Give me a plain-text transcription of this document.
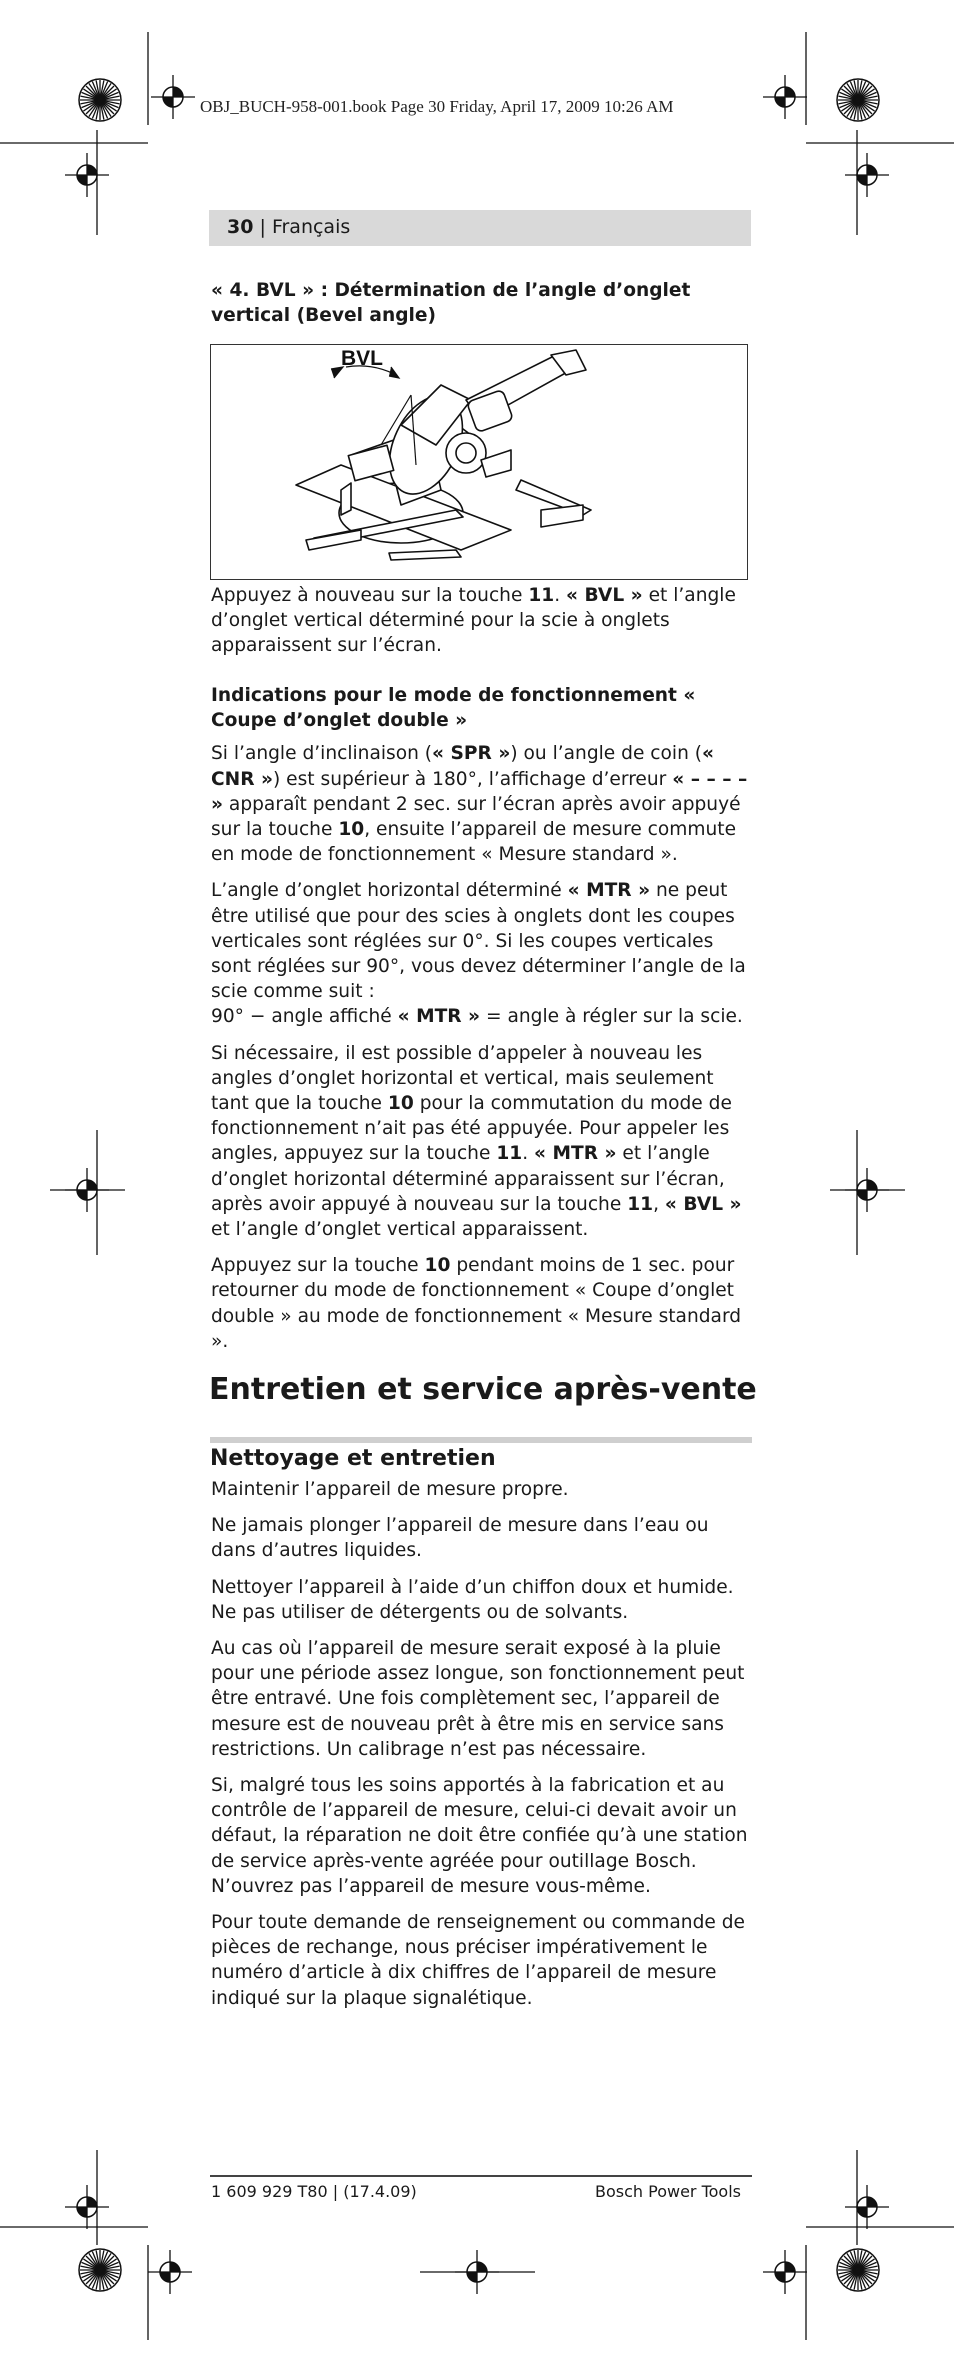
OBJ_BUCH-958-001.book Page 30 Friday, April 17, 2009 10:26 AM
30 | Français
« 4. BVL » : Détermination de l’angle d’onglet vertical (Bevel angle)
BVL

Appuyez à nouveau sur la touche 11. « BVL » et l’angle d’onglet vertical déterminé pour la scie à onglets apparaissent sur l’écran.

Indications pour le mode de fonctionnement « Coupe d’onglet double »

Si l’angle d’inclinaison (« SPR ») ou l’angle de coin (« CNR ») est supérieur à 180°, l’affichage d’erreur « – – – – » apparaît pendant 2 sec. sur l’écran après avoir appuyé sur la touche 10, ensuite l’appareil de mesure commute en mode de fonctionnement « Mesure standard ».

L’angle d’onglet horizontal déterminé « MTR » ne peut être utilisé que pour des scies à onglets dont les coupes verticales sont réglées sur 0°. Si les coupes verticales sont réglées sur 90°, vous devez déterminer l’angle de la scie comme suit :

90° − angle affiché « MTR » = angle à régler sur la scie.

Si nécessaire, il est possible d’appeler à nouveau les angles d’onglet horizontal et vertical, mais seulement tant que la touche 10 pour la commutation du mode de fonctionnement n’ait pas été appuyée. Pour appeler les angles, appuyez sur la touche 11. « MTR » et l’angle d’onglet horizontal déterminé apparaissent sur l’écran, après avoir appuyé à nouveau sur la touche 11, « BVL » et l’angle d’onglet vertical apparaissent.

Appuyez sur la touche 10 pendant moins de 1 sec. pour retourner du mode de fonctionnement « Coupe d’onglet double » au mode de fonctionnement « Mesure standard ».

Entretien et service après-vente
Nettoyage et entretien

Maintenir l’appareil de mesure propre.

Ne jamais plonger l’appareil de mesure dans l’eau ou dans d’autres liquides.

Nettoyer l’appareil à l’aide d’un chiffon doux et humide. Ne pas utiliser de détergents ou de solvants.

Au cas où l’appareil de mesure serait exposé à la pluie pour une période assez longue, son fonctionnement peut être entravé. Une fois complètement sec, l’appareil de mesure est de nouveau prêt à être mis en service sans restrictions. Un calibrage n’est pas nécessaire.

Si, malgré tous les soins apportés à la fabrication et au contrôle de l’appareil de mesure, celui-ci devait avoir un défaut, la réparation ne doit être confiée qu’à une station de service après-vente agréée pour outillage Bosch. N’ouvrez pas l’appareil de mesure vous-même.

Pour toute demande de renseignement ou commande de pièces de rechange, nous préciser impérativement le numéro d’article à dix chiffres de l’appareil de mesure indiqué sur la plaque signalétique.

1 609 929 T80 | (17.4.09)	Bosch Power Tools
